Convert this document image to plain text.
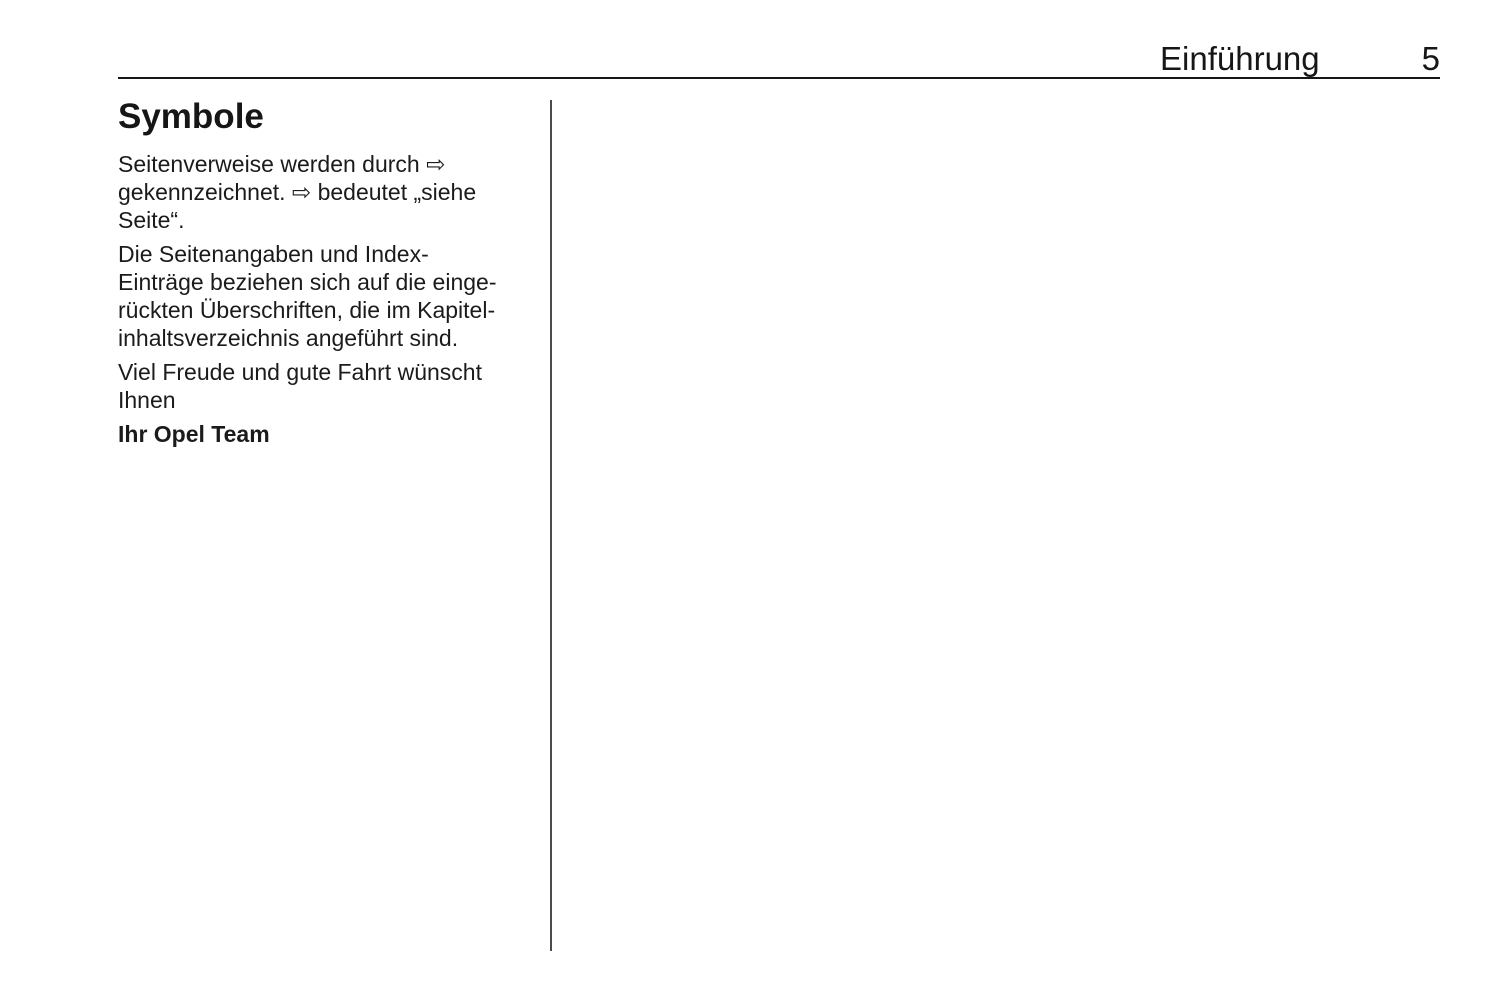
Einführung	5
Symbole

Seitenverweise werden durch ⇨
gekennzeichnet. ⇨ bedeutet „siehe
Seite“.

Die Seitenangaben und Index-
Einträge beziehen sich auf die einge-
rückten Überschriften, die im Kapitel-
inhaltsverzeichnis angeführt sind.

Viel Freude und gute Fahrt wünscht
Ihnen

Ihr Opel Team
